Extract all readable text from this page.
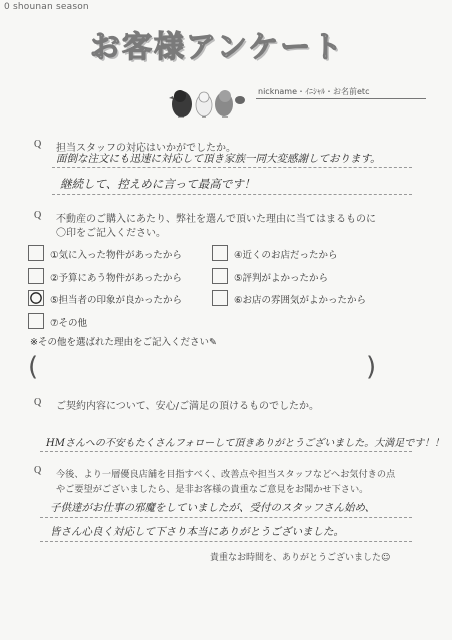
0 shounan season
お客様アンケート
nickname・ｲﾆｼｬﾙ・お名前etc
Q 担当スタッフの対応はいかがでしたか。
面倒な注文にも迅速に対応して頂き家族一同大変感謝しております。
継続して、控えめに言って最高です！
Q 不動産のご購入にあたり、弊社を選んで頂いた理由に当てはまるものに
〇印をご記入ください。
①気に入った物件があったから	④近くのお店だったから
②予算にあう物件があったから	⑤評判がよかったから
⑤担当者の印象が良かったから	⑥お店の雰囲気がよかったから
⑦その他
※その他を選ばれた理由をご記入ください✎
(	)
Q ご契約内容について、安心/ご満足の頂けるものでしたか。
HMさんへの不安もたくさんフォローして頂きありがとうございました。大満足です！！
Q 今後、より一層優良店舗を目指すべく、改善点や担当スタッフなどへお気付きの点
やご要望がございましたら、是非お客様の貴重なご意見をお聞かせ下さい。
子供達がお仕事の邪魔をしていましたが、受付のスタッフさん始め、
皆さん心良く対応して下さり本当にありがとうございました。
貴重なお時間を、ありがとうございました☺
